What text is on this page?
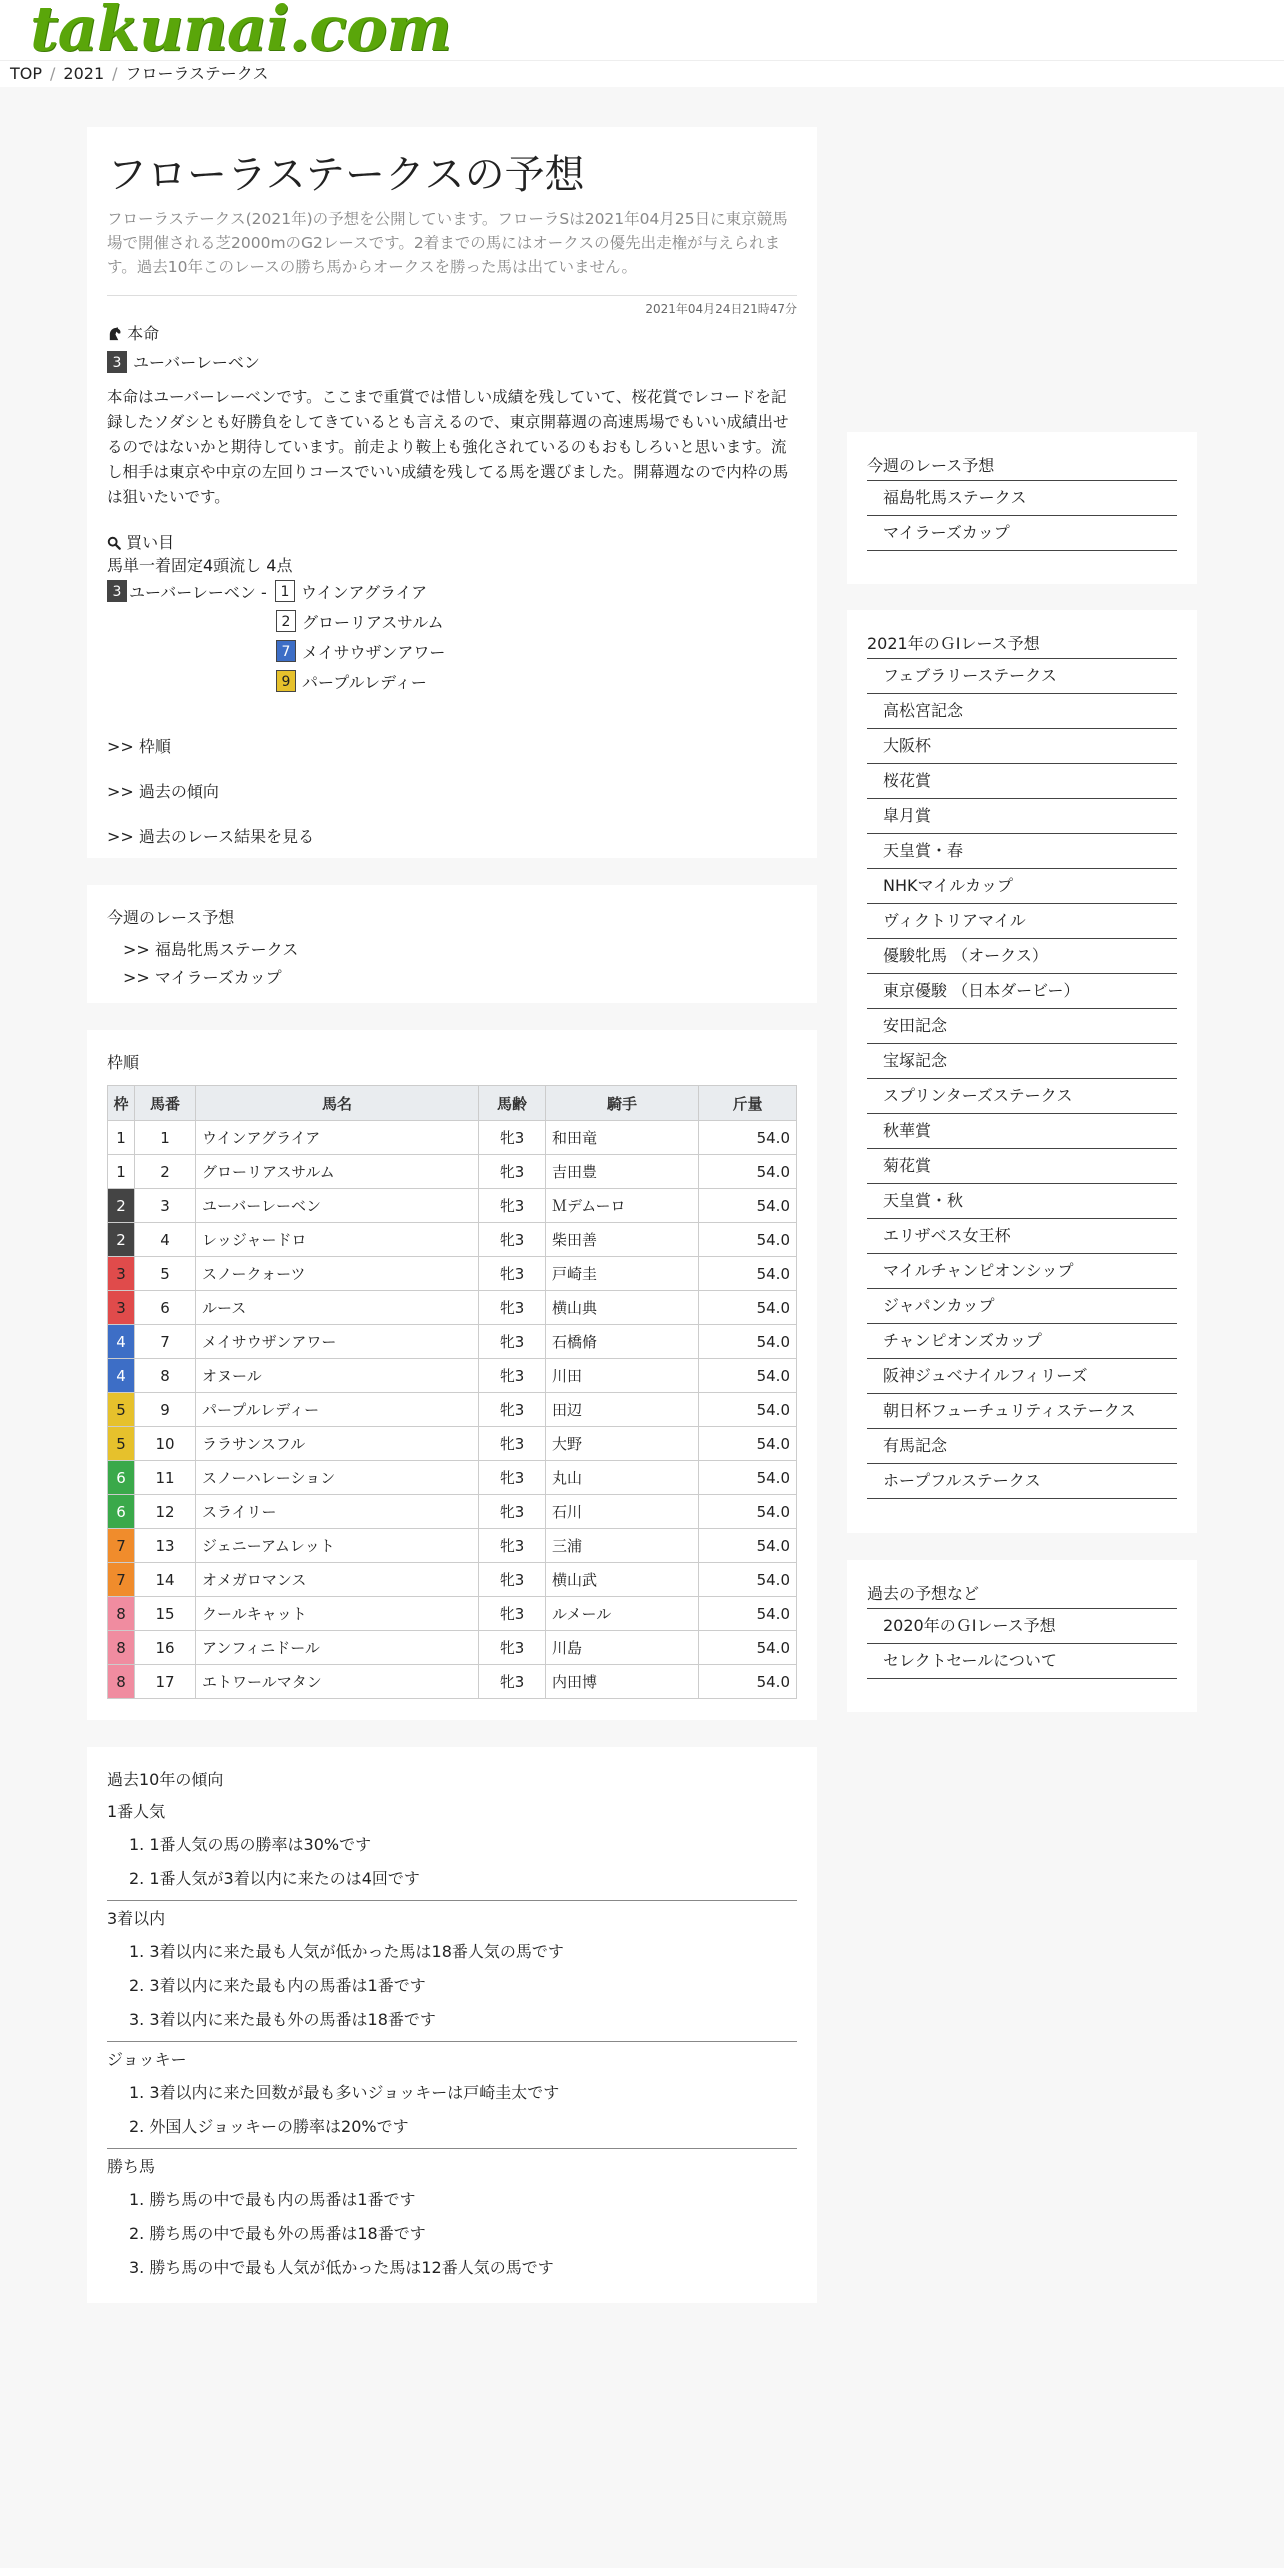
takunai.com
TOP / 2021 / フローラステークス
フローラステークスの予想
フローラステークス(2021年)の予想を公開しています。フローラSは2021年04月25日に東京競馬場で開催される芝2000mのG2レースです。2着までの馬にはオークスの優先出走権が与えられます。過去10年このレースの勝ち馬からオークスを勝った馬は出ていません。
2021年04月24日21時47分
本命
3 ユーバーレーベン
本命はユーバーレーベンです。ここまで重賞では惜しい成績を残していて、桜花賞でレコードを記録したソダシとも好勝負をしてきているとも言えるので、東京開幕週の高速馬場でもいい成績出せるのではないかと期待しています。前走より鞍上も強化されているのもおもしろいと思います。流し相手は東京や中京の左回りコースでいい成績を残してる馬を選びました。開幕週なので内枠の馬は狙いたいです。
買い目
馬単一着固定4頭流し 4点
3 ユーバーレーベン - 1 ウインアグライア
2 グローリアスサルム
7 メイサウザンアワー
9 パープルレディー
>> 枠順
>> 過去の傾向
>> 過去のレース結果を見る
今週のレース予想
>> 福島牝馬ステークス
>> マイラーズカップ
枠順
枠	馬番	馬名	馬齢	騎手	斤量
1	1	ウインアグライア	牝3	和田竜	54.0
1	2	グローリアスサルム	牝3	吉田豊	54.0
2	3	ユーバーレーベン	牝3	Ｍデムーロ	54.0
2	4	レッジャードロ	牝3	柴田善	54.0
3	5	スノークォーツ	牝3	戸崎圭	54.0
3	6	ルース	牝3	横山典	54.0
4	7	メイサウザンアワー	牝3	石橋脩	54.0
4	8	オヌール	牝3	川田	54.0
5	9	パープルレディー	牝3	田辺	54.0
5	10	ララサンスフル	牝3	大野	54.0
6	11	スノーハレーション	牝3	丸山	54.0
6	12	スライリー	牝3	石川	54.0
7	13	ジェニーアムレット	牝3	三浦	54.0
7	14	オメガロマンス	牝3	横山武	54.0
8	15	クールキャット	牝3	ルメール	54.0
8	16	アンフィニドール	牝3	川島	54.0
8	17	エトワールマタン	牝3	内田博	54.0
過去10年の傾向
1番人気
1. 1番人気の馬の勝率は30%です
2. 1番人気が3着以内に来たのは4回です
3着以内
1. 3着以内に来た最も人気が低かった馬は18番人気の馬です
2. 3着以内に来た最も内の馬番は1番です
3. 3着以内に来た最も外の馬番は18番です
ジョッキー
1. 3着以内に来た回数が最も多いジョッキーは戸崎圭太です
2. 外国人ジョッキーの勝率は20%です
勝ち馬
1. 勝ち馬の中で最も内の馬番は1番です
2. 勝ち馬の中で最も外の馬番は18番です
3. 勝ち馬の中で最も人気が低かった馬は12番人気の馬です
今週のレース予想
福島牝馬ステークス
マイラーズカップ
2021年のＧⅠレース予想
フェブラリーステークス
高松宮記念
大阪杯
桜花賞
皐月賞
天皇賞・春
NHKマイルカップ
ヴィクトリアマイル
優駿牝馬 （オークス）
東京優駿 （日本ダービー）
安田記念
宝塚記念
スプリンターズステークス
秋華賞
菊花賞
天皇賞・秋
エリザベス女王杯
マイルチャンピオンシップ
ジャパンカップ
チャンピオンズカップ
阪神ジュベナイルフィリーズ
朝日杯フューチュリティステークス
有馬記念
ホープフルステークス
過去の予想など
2020年のＧⅠレース予想
セレクトセールについて
